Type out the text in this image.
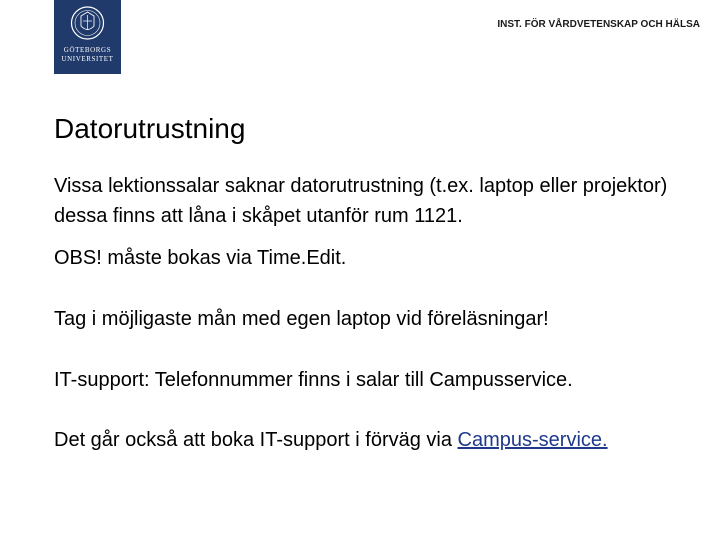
GÖTEBORGS
UNIVERSITET
INST. FÖR VÅRDVETENSKAP OCH HÄLSA
Datorutrustning

Vissa lektionssalar saknar datorutrustning (t.ex. laptop eller projektor) dessa finns att låna i skåpet utanför rum 1121.

OBS! måste bokas via Time.Edit.

Tag i möjligaste mån med egen laptop vid föreläsningar!

IT-support: Telefonnummer finns i salar till Campusservice.

Det går också att boka IT-support i förväg via Campus-service.
